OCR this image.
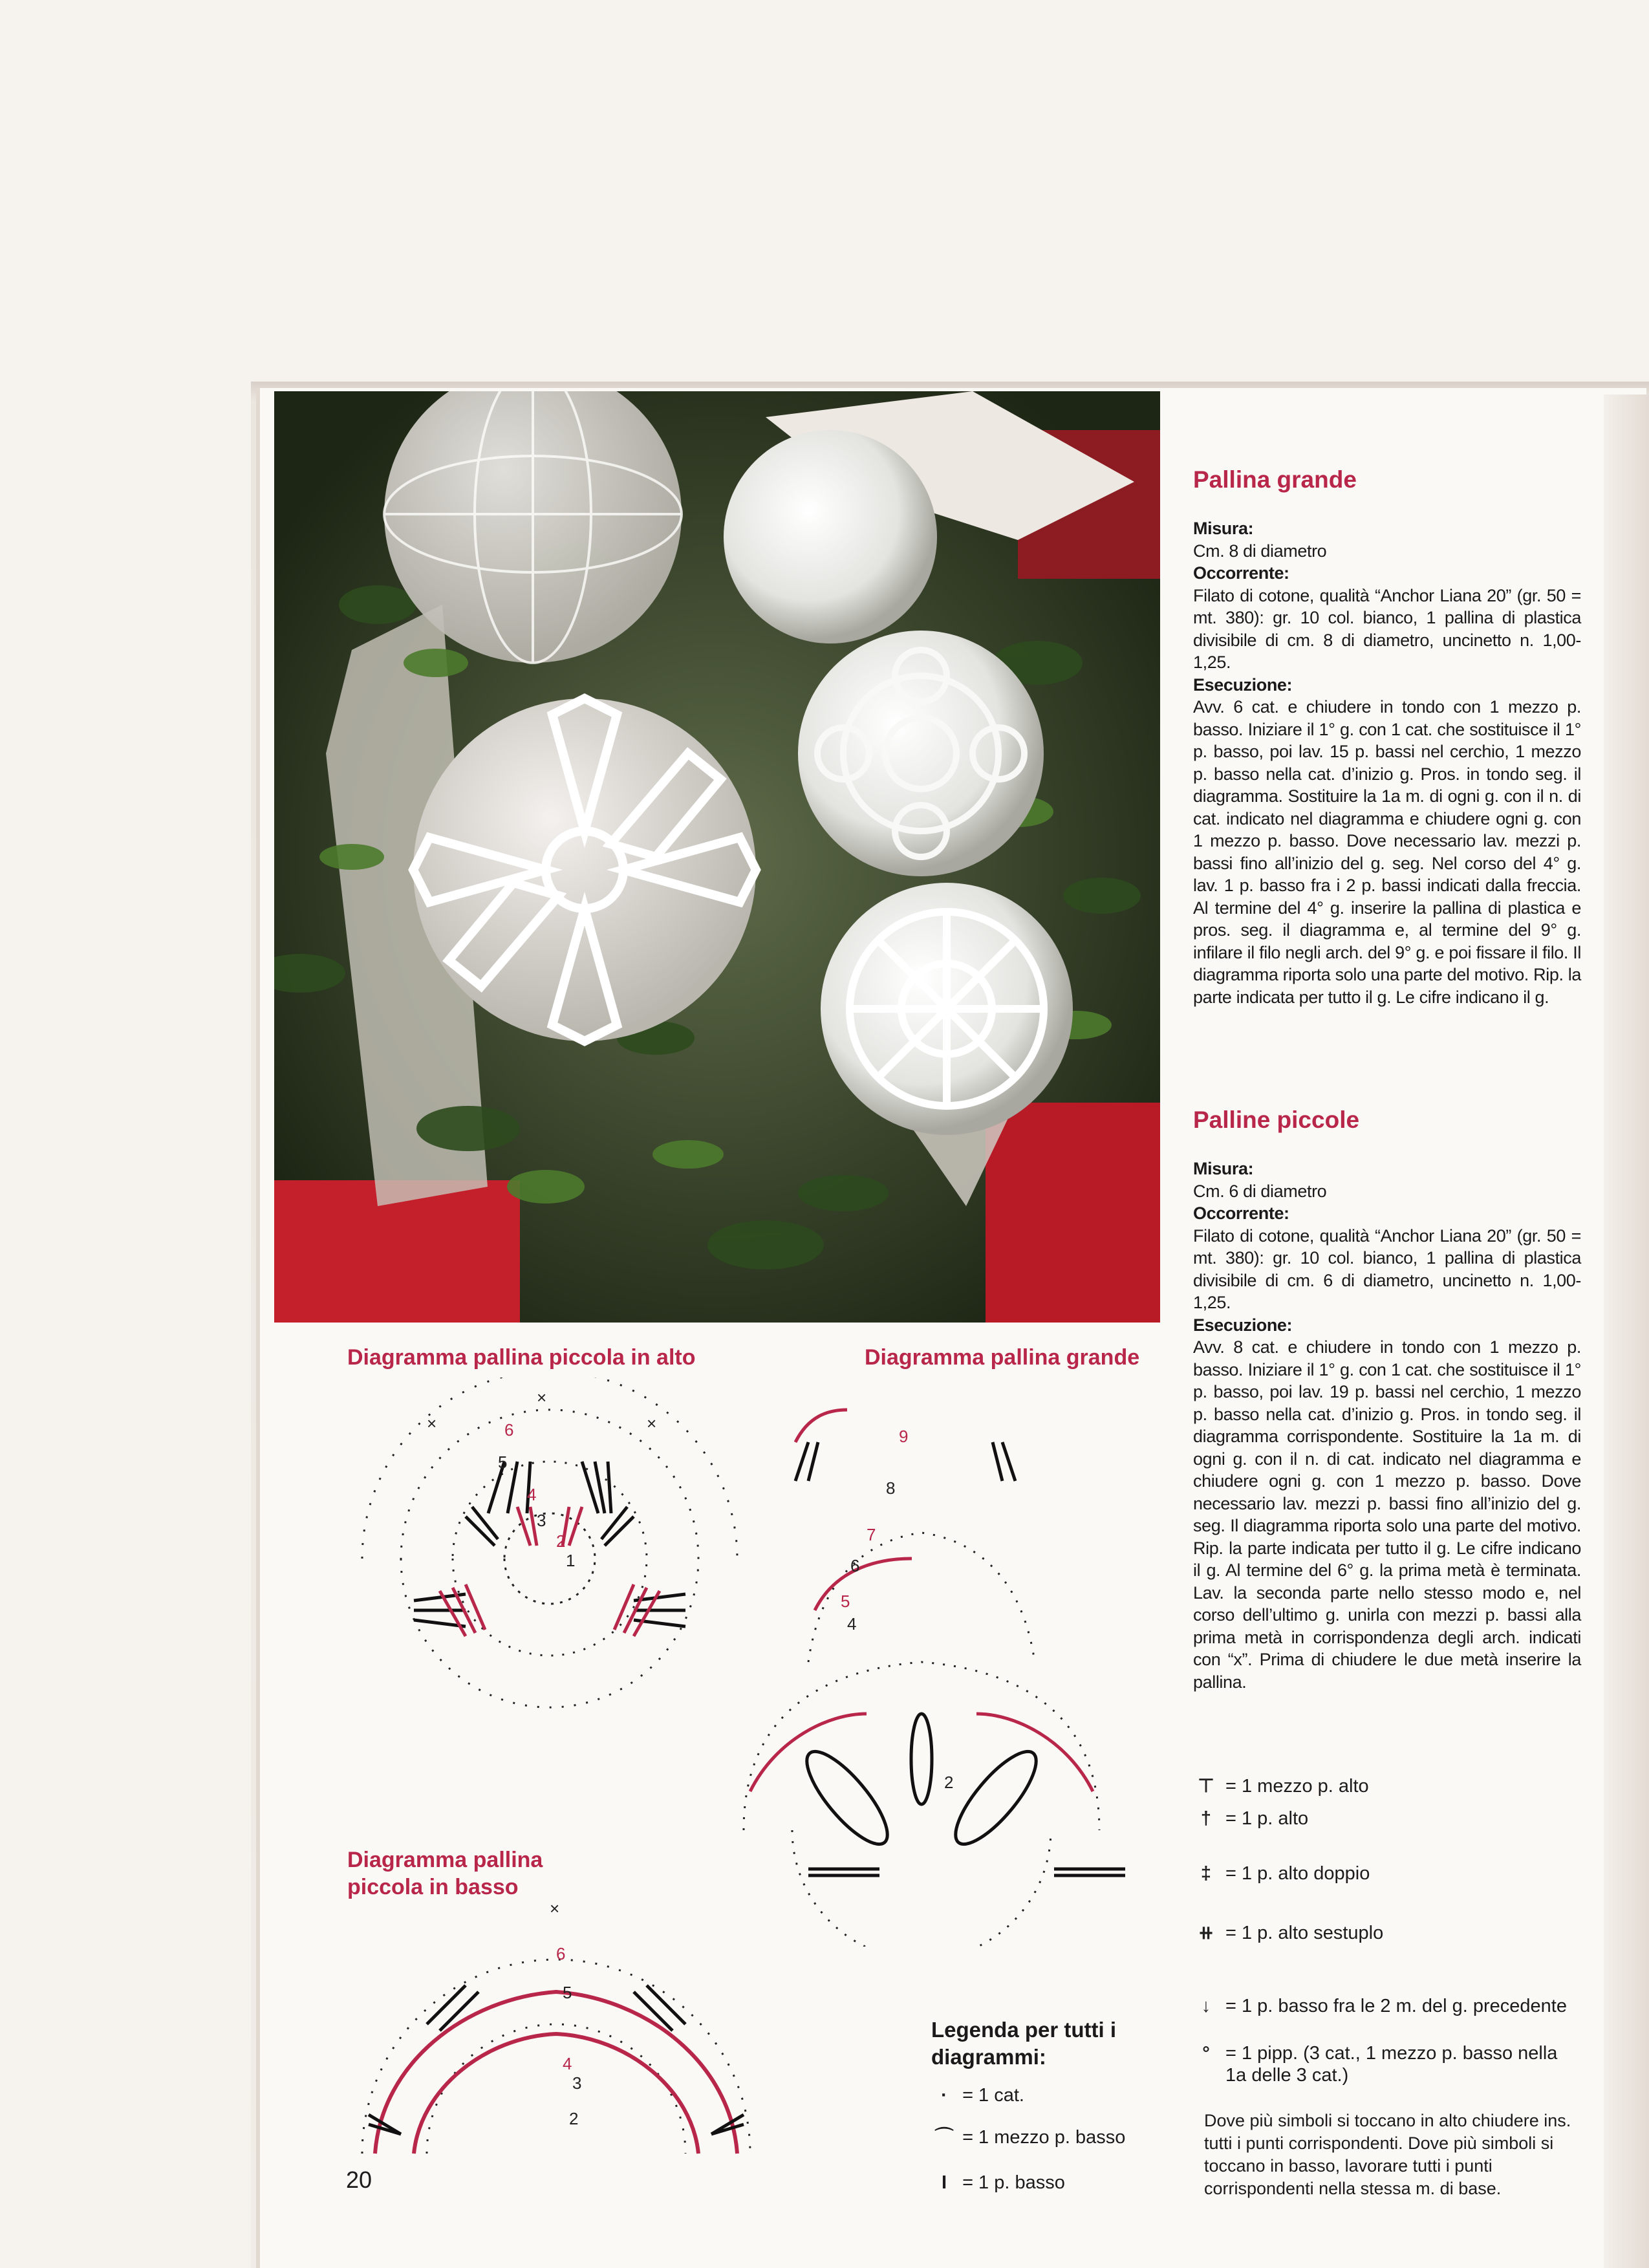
Pallina grande
Misura:
Cm. 8 di diametro
Occorrente:
Filato di cotone, qualità “Anchor Liana 20” (gr. 50 = mt. 380): gr. 10 col. bianco, 1 pallina di plastica divisibile di cm. 8 di diametro, uncinetto n. 1,00-1,25.
Esecuzione:
Avv. 6 cat. e chiudere in tondo con 1 mezzo p. basso. Iniziare il 1° g. con 1 cat. che sostituisce il 1° p. basso, poi lav. 15 p. bassi nel cerchio, 1 mezzo p. basso nella cat. d’inizio g. Pros. in tondo seg. il diagramma. Sostituire la 1a m. di ogni g. con il n. di cat. indicato nel diagramma e chiudere ogni g. con 1 mezzo p. basso. Dove necessario lav. mezzi p. bassi fino all’inizio del g. seg. Nel corso del 4° g. lav. 1 p. basso fra i 2 p. bassi indicati dalla freccia. Al termine del 4° g. inserire la pallina di plastica e pros. seg. il diagramma e, al termine del 9° g. infilare il filo negli arch. del 9° g. e poi fissare il filo. Il diagramma riporta solo una parte del motivo. Rip. la parte indicata per tutto il g. Le cifre indicano il g.
Palline piccole
Misura:
Cm. 6 di diametro
Occorrente:
Filato di cotone, qualità “Anchor Liana 20” (gr. 50 = mt. 380): gr. 10 col. bianco, 1 pallina di plastica divisibile di cm. 6 di diametro, uncinetto n. 1,00-1,25.
Esecuzione:
Avv. 8 cat. e chiudere in tondo con 1 mezzo p. basso. Iniziare il 1° g. con 1 cat. che sostituisce il 1° p. basso, poi lav. 19 p. bassi nel cerchio, 1 mezzo p. basso nella cat. d’inizio g. Pros. in tondo seg. il diagramma corrispondente. Sostituire la 1a m. di ogni g. con il n. di cat. indicato nel diagramma e chiudere ogni g. con 1 mezzo p. basso. Dove necessario lav. mezzi p. bassi fino all’inizio del g. seg. Il diagramma riporta solo una parte del motivo. Rip. la parte indicata per tutto il g. Le cifre indicano il g. Al termine del 6° g. la prima metà è terminata. Lav. la seconda parte nello stesso modo e, nel corso dell’ultimo g. unirla con mezzi p. bassi alla prima metà in corrispondenza degli arch. indicati con “x”. Prima di chiudere le due metà inserire la pallina.
⊤ = 1 mezzo p. alto
† = 1 p. alto
‡ = 1 p. alto doppio
⧺ = 1 p. alto sestuplo
↓ = 1 p. basso fra le 2 m. del g. precedente
° = 1 pipp. (3 cat., 1 mezzo p. basso nella 1a delle 3 cat.)
Dove più simboli si toccano in alto chiudere ins. tutti i punti corrispondenti. Dove più simboli si toccano in basso, lavorare tutti i punti corrispondenti nella stessa m. di base.
Diagramma pallina piccola in alto	Diagramma pallina grande
Diagramma pallina
piccola in basso
×
×	×
1
2
3
4
5
6
2
4
5
6
7
8
9
×
2
3
4
5
6
Legenda per tutti i
diagrammi:
· = 1 cat.
⌒ = 1 mezzo p. basso
I = 1 p. basso
20
